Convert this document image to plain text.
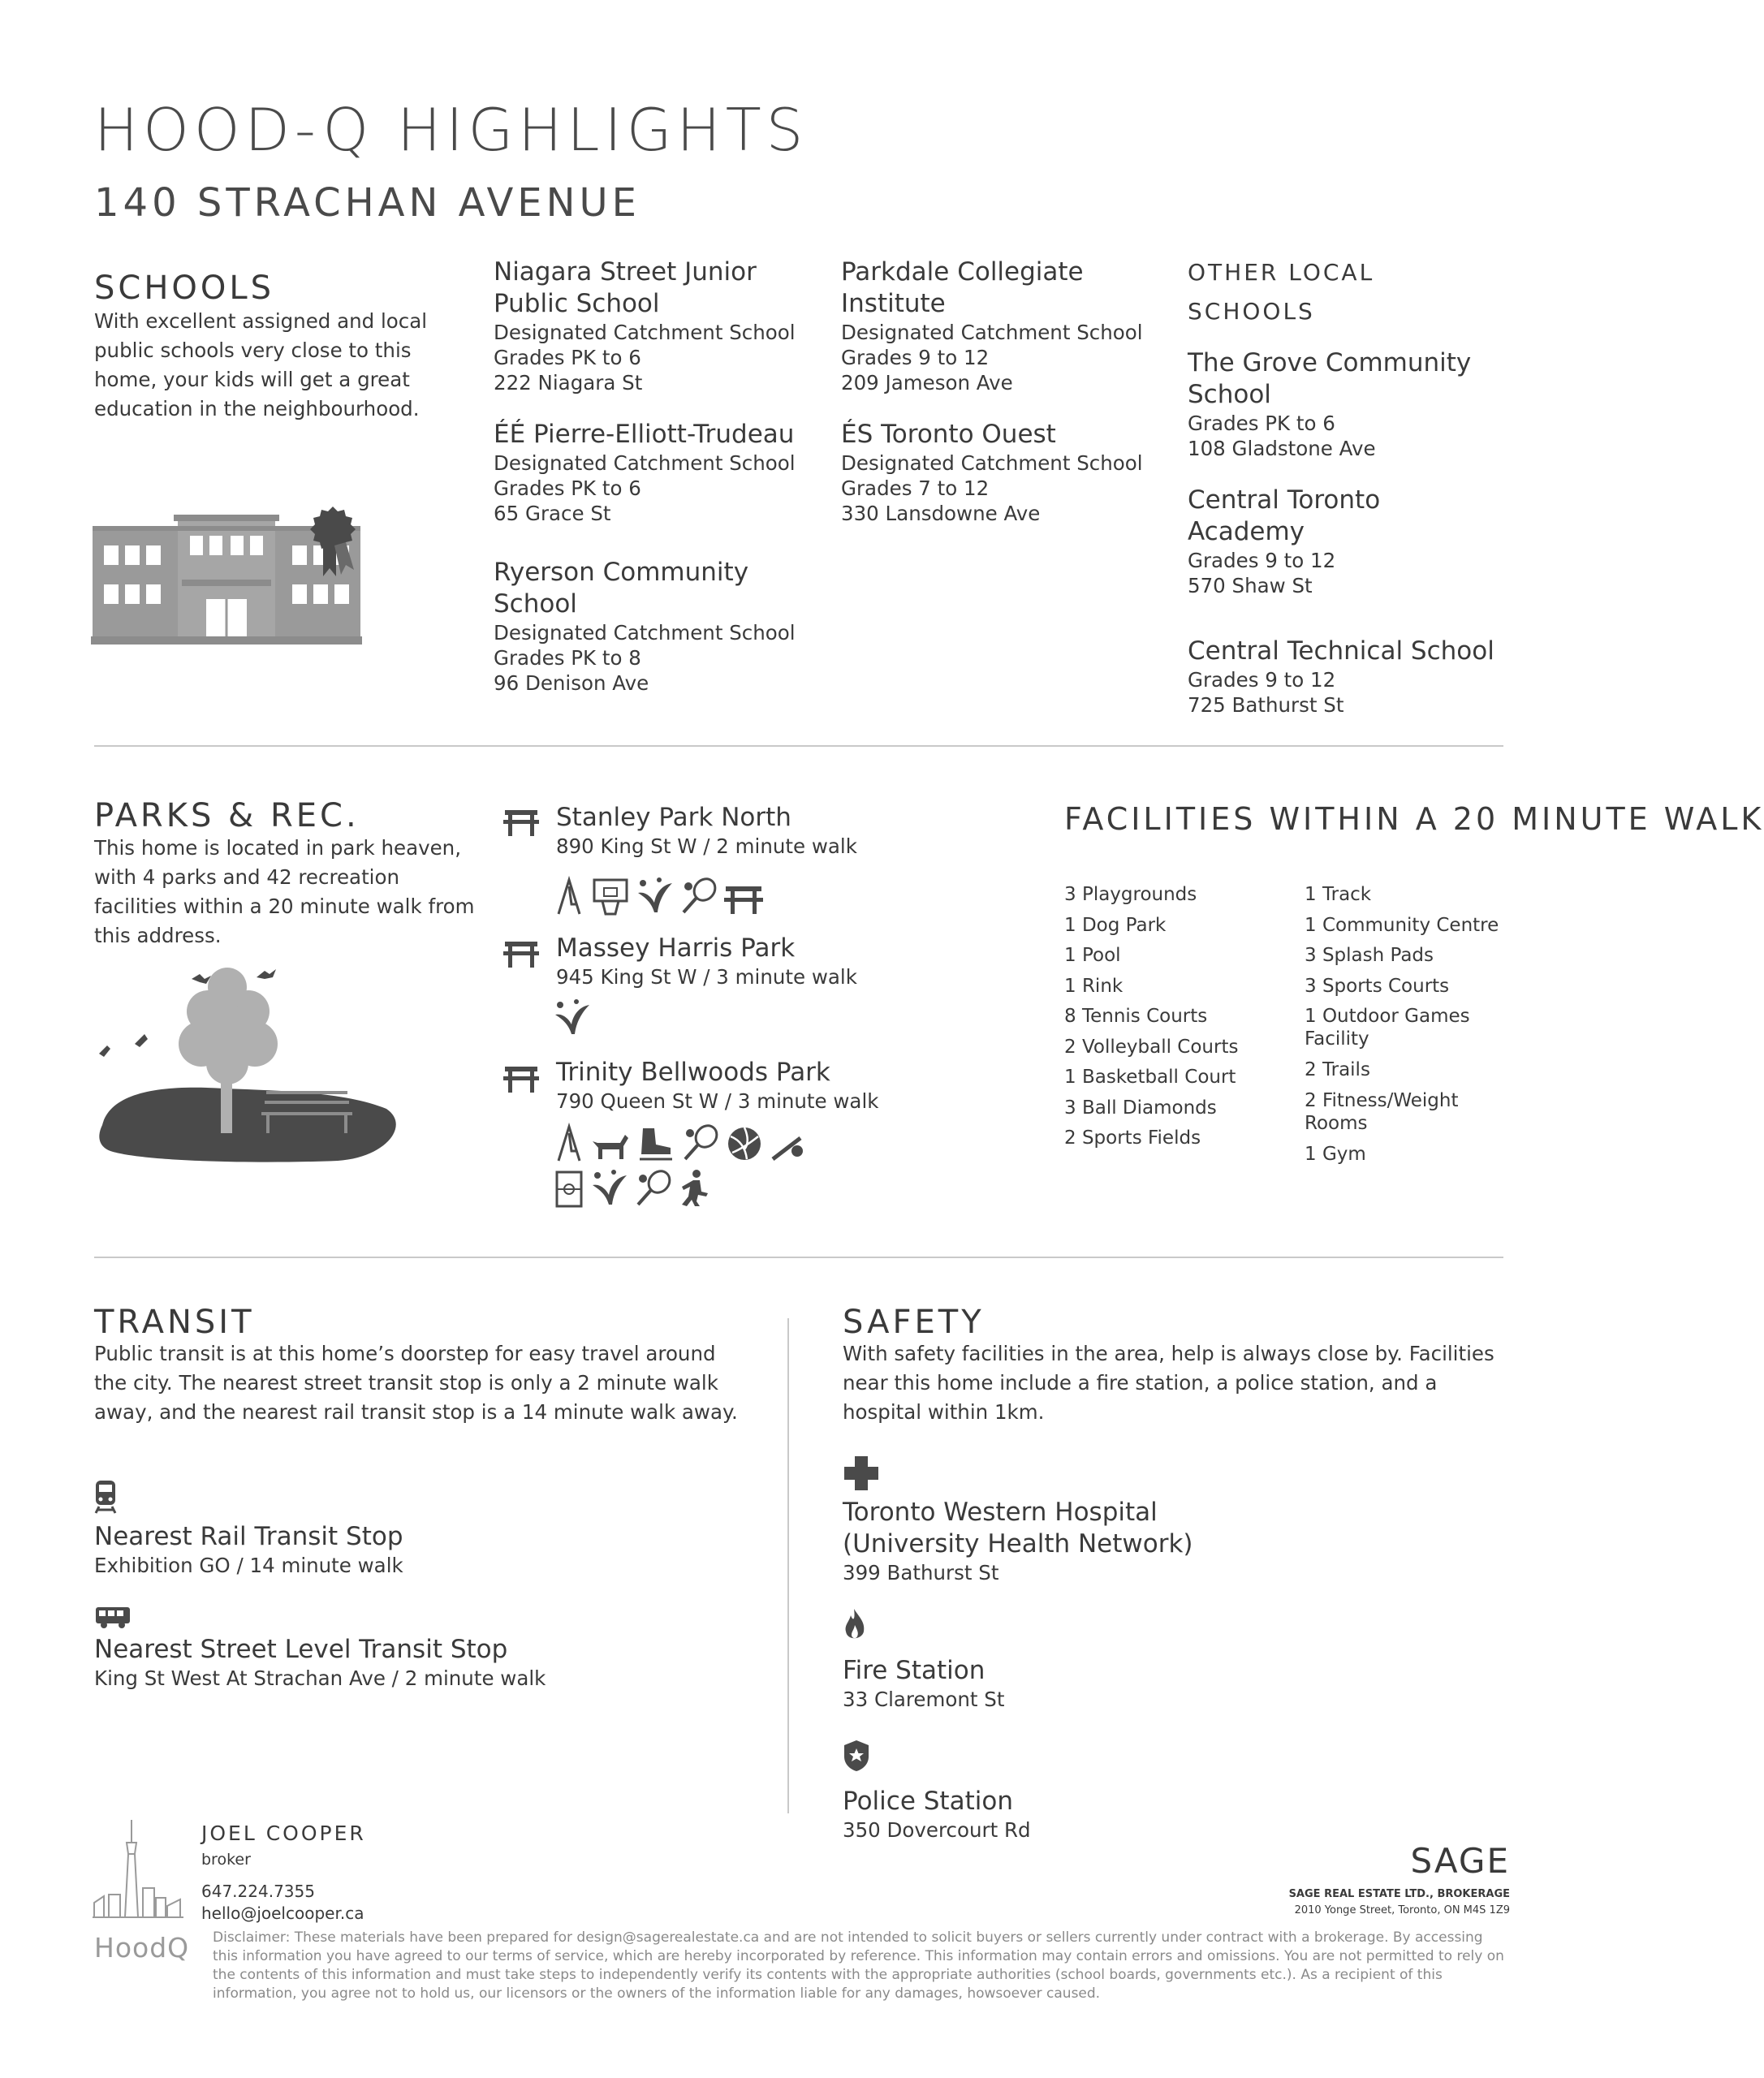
HOOD-Q HIGHLIGHTS
140 STRACHAN AVENUE
SCHOOLS
With excellent assigned and local public schools very close to this home, your kids will get a great education in the neighbourhood.
Niagara Street Junior Public School
Designated Catchment School
Grades PK to 6
222 Niagara St
ÉÉ Pierre-Elliott-Trudeau
Designated Catchment School
Grades PK to 6
65 Grace St
Ryerson Community School
Designated Catchment School
Grades PK to 8
96 Denison Ave
Parkdale Collegiate Institute
Designated Catchment School
Grades 9 to 12
209 Jameson Ave
ÉS Toronto Ouest
Designated Catchment School
Grades 7 to 12
330 Lansdowne Ave
OTHER LOCAL SCHOOLS
The Grove Community School
Grades PK to 6
108 Gladstone Ave
Central Toronto Academy
Grades 9 to 12
570 Shaw St
Central Technical School
Grades 9 to 12
725 Bathurst St
PARKS & REC.
This home is located in park heaven, with 4 parks and 42 recreation facilities within a 20 minute walk from this address.
Stanley Park North
890 King St W / 2 minute walk
Massey Harris Park
945 King St W / 3 minute walk
Trinity Bellwoods Park
790 Queen St W / 3 minute walk
FACILITIES WITHIN A 20 MINUTE WALK
3 Playgrounds
1 Dog Park
1 Pool
1 Rink
8 Tennis Courts
2 Volleyball Courts
1 Basketball Court
3 Ball Diamonds
2 Sports Fields
1 Track
1 Community Centre
3 Splash Pads
3 Sports Courts
1 Outdoor Games Facility
2 Trails
2 Fitness/Weight Rooms
1 Gym
TRANSIT
Public transit is at this home’s doorstep for easy travel around the city. The nearest street transit stop is only a 2 minute walk away, and the nearest rail transit stop is a 14 minute walk away.
Nearest Rail Transit Stop
Exhibition GO / 14 minute walk
Nearest Street Level Transit Stop
King St West At Strachan Ave / 2 minute walk
SAFETY
With safety facilities in the area, help is always close by. Facilities near this home include a fire station, a police station, and a hospital within 1km.
Toronto Western Hospital (University Health Network)
399 Bathurst St
Fire Station
33 Claremont St
Police Station
350 Dovercourt Rd
HoodQ
JOEL COOPER
broker
647.224.7355
hello@joelcooper.ca
SAGE
SAGE REAL ESTATE LTD., BROKERAGE
2010 Yonge Street, Toronto, ON M4S 1Z9
Disclaimer: These materials have been prepared for design@sagerealestate.ca and are not intended to solicit buyers or sellers currently under contract with a brokerage. By accessing this information you have agreed to our terms of service, which are hereby incorporated by reference. This information may contain errors and omissions. You are not permitted to rely on the contents of this information and must take steps to independently verify its contents with the appropriate authorities (school boards, governments etc.). As a recipient of this information, you agree not to hold us, our licensors or the owners of the information liable for any damages, howsoever caused.
